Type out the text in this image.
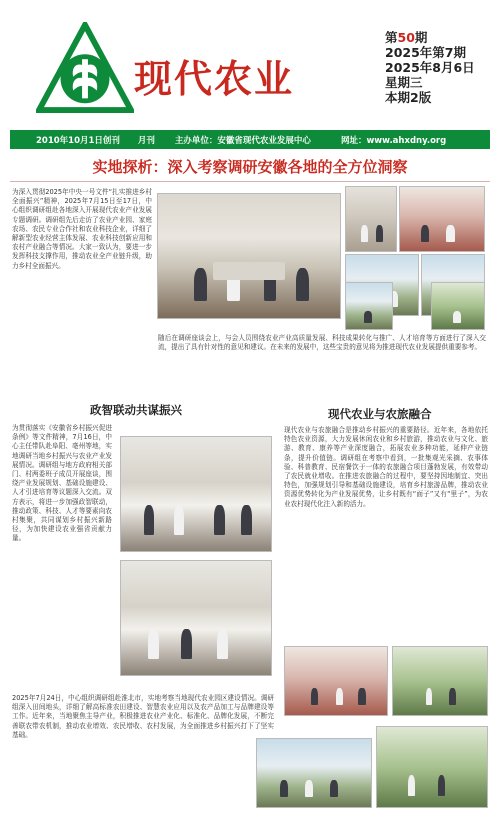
现代农业
第50期
2025年第7期
2025年8月6日
星期三
本期2版
2010年10月1日创刊 月刊 主办单位：安徽省现代农业发展中心	网址：www.ahxdny.org
实地探析：深入考察调研安徽各地的全方位洞察
为深入贯彻2025年中央一号文件“扎实推进乡村全面振兴”精神，2025年7月15日至17日，中心组织调研组赴各地深入开展现代农业产业发展专题调研。调研组先后走访了农业产业园、家庭农场、农民专业合作社和农业科技企业，详细了解新型农业经营主体发展、农业科技创新应用和农村产业融合等情况。大家一致认为，要进一步发挥科技支撑作用，推动农业全产业链升级，助力乡村全面振兴。
随后在调研座谈会上，与会人员围绕农业产业高质量发展、科技成果转化与推广、人才培育等方面进行了深入交流，提出了具有针对性的意见和建议。在未来的发展中，这些宝贵的意见将为推进现代农业发展提供重要参考。
政智联动共谋振兴
为贯彻落实《安徽省乡村振兴促进条例》等文件精神，7月16日，中心主任带队赴阜阳、亳州等地，实地调研当地乡村振兴与农业产业发展情况。调研组与地方政府相关部门、村两委班子成员开展座谈，围绕产业发展规划、基础设施建设、人才引进培育等议题深入交流。双方表示，将进一步加强政智联动，推动政策、科技、人才等要素向农村集聚，共同谋划乡村振兴新路径，为加快建设农业强省贡献力量。
2025年7月24日，中心组织调研组赴淮北市，实地考察当地现代农业园区建设情况。调研组深入田间地头，详细了解高标准农田建设、智慧农业应用以及农产品加工与品牌建设等工作。近年来，当地聚焦主导产业，积极推进农业产业化、标准化、品牌化发展，不断完善联农带农机制，推动农业增效、农民增收、农村发展，为全面推进乡村振兴打下了坚实基础。
现代农业与农旅融合
现代农业与农旅融合是推动乡村振兴的重要路径。近年来，各地依托特色农业资源，大力发展休闲农业和乡村旅游，推动农业与文化、旅游、教育、康养等产业深度融合，拓展农业多种功能，延伸产业链条，提升价值链。调研组在考察中看到，一批集观光采摘、农事体验、科普教育、民宿餐饮于一体的农旅融合项目蓬勃发展，有效带动了农民就业增收。在推进农旅融合的过程中，要坚持因地制宜、突出特色，加强规划引导和基础设施建设，培育乡村旅游品牌，推动农业资源优势转化为产业发展优势，让乡村既有“面子”又有“里子”，为农业农村现代化注入新的活力。
